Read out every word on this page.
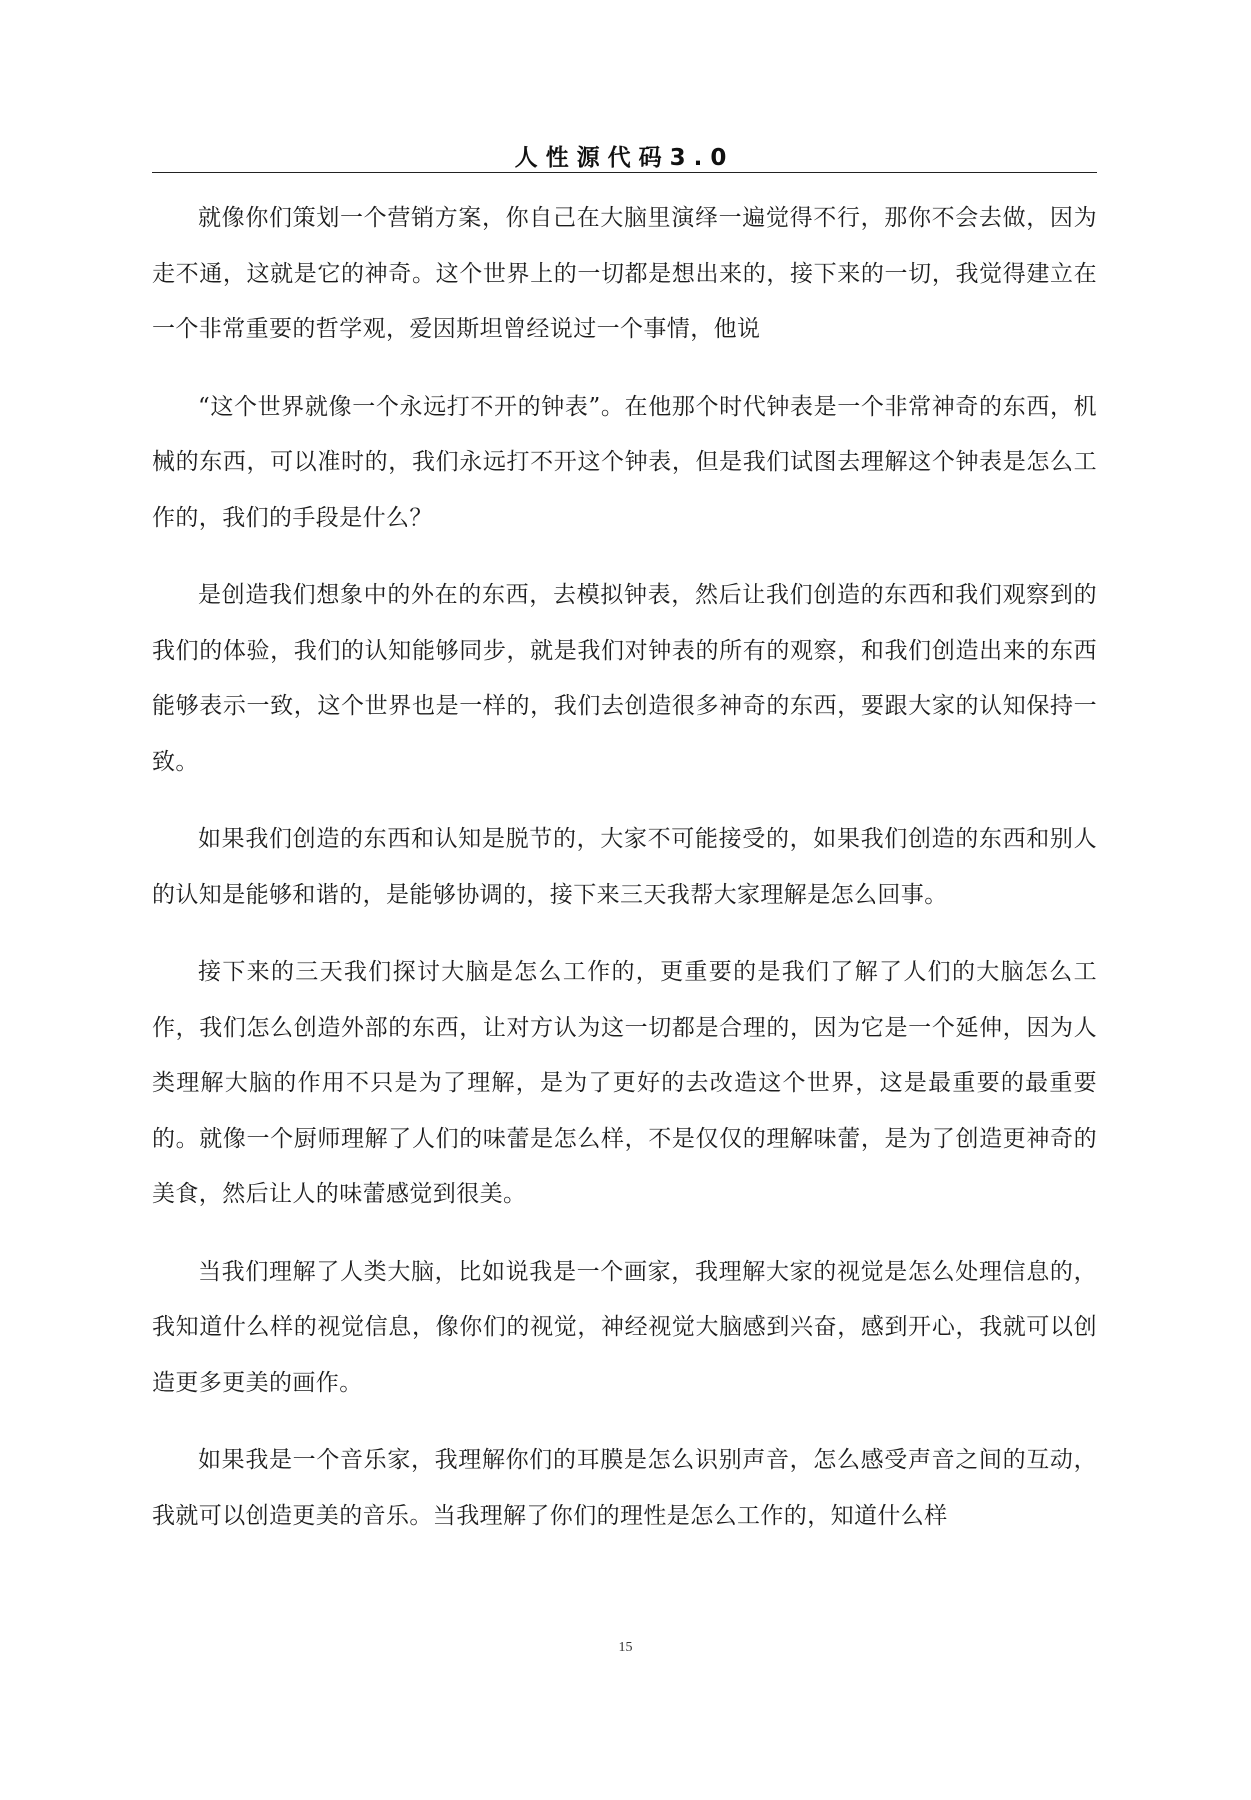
人性源代码3.0

就像你们策划一个营销方案，你自己在大脑里演绎一遍觉得不行，那你不会去做，因为走不通，这就是它的神奇。这个世界上的一切都是想出来的，接下来的一切，我觉得建立在一个非常重要的哲学观，爱因斯坦曾经说过一个事情，他说

“这个世界就像一个永远打不开的钟表”。在他那个时代钟表是一个非常神奇的东西，机械的东西，可以准时的，我们永远打不开这个钟表，但是我们试图去理解这个钟表是怎么工作的，我们的手段是什么？

是创造我们想象中的外在的东西，去模拟钟表，然后让我们创造的东西和我们观察到的我们的体验，我们的认知能够同步，就是我们对钟表的所有的观察，和我们创造出来的东西能够表示一致，这个世界也是一样的，我们去创造很多神奇的东西，要跟大家的认知保持一致。

如果我们创造的东西和认知是脱节的，大家不可能接受的，如果我们创造的东西和别人的认知是能够和谐的，是能够协调的，接下来三天我帮大家理解是怎么回事。

接下来的三天我们探讨大脑是怎么工作的，更重要的是我们了解了人们的大脑怎么工作，我们怎么创造外部的东西，让对方认为这一切都是合理的，因为它是一个延伸，因为人类理解大脑的作用不只是为了理解，是为了更好的去改造这个世界，这是最重要的最重要的。就像一个厨师理解了人们的味蕾是怎么样，不是仅仅的理解味蕾，是为了创造更神奇的美食，然后让人的味蕾感觉到很美。

当我们理解了人类大脑，比如说我是一个画家，我理解大家的视觉是怎么处理信息的，我知道什么样的视觉信息，像你们的视觉，神经视觉大脑感到兴奋，感到开心，我就可以创造更多更美的画作。

如果我是一个音乐家，我理解你们的耳膜是怎么识别声音，怎么感受声音之间的互动，我就可以创造更美的音乐。当我理解了你们的理性是怎么工作的，知道什么样

15
